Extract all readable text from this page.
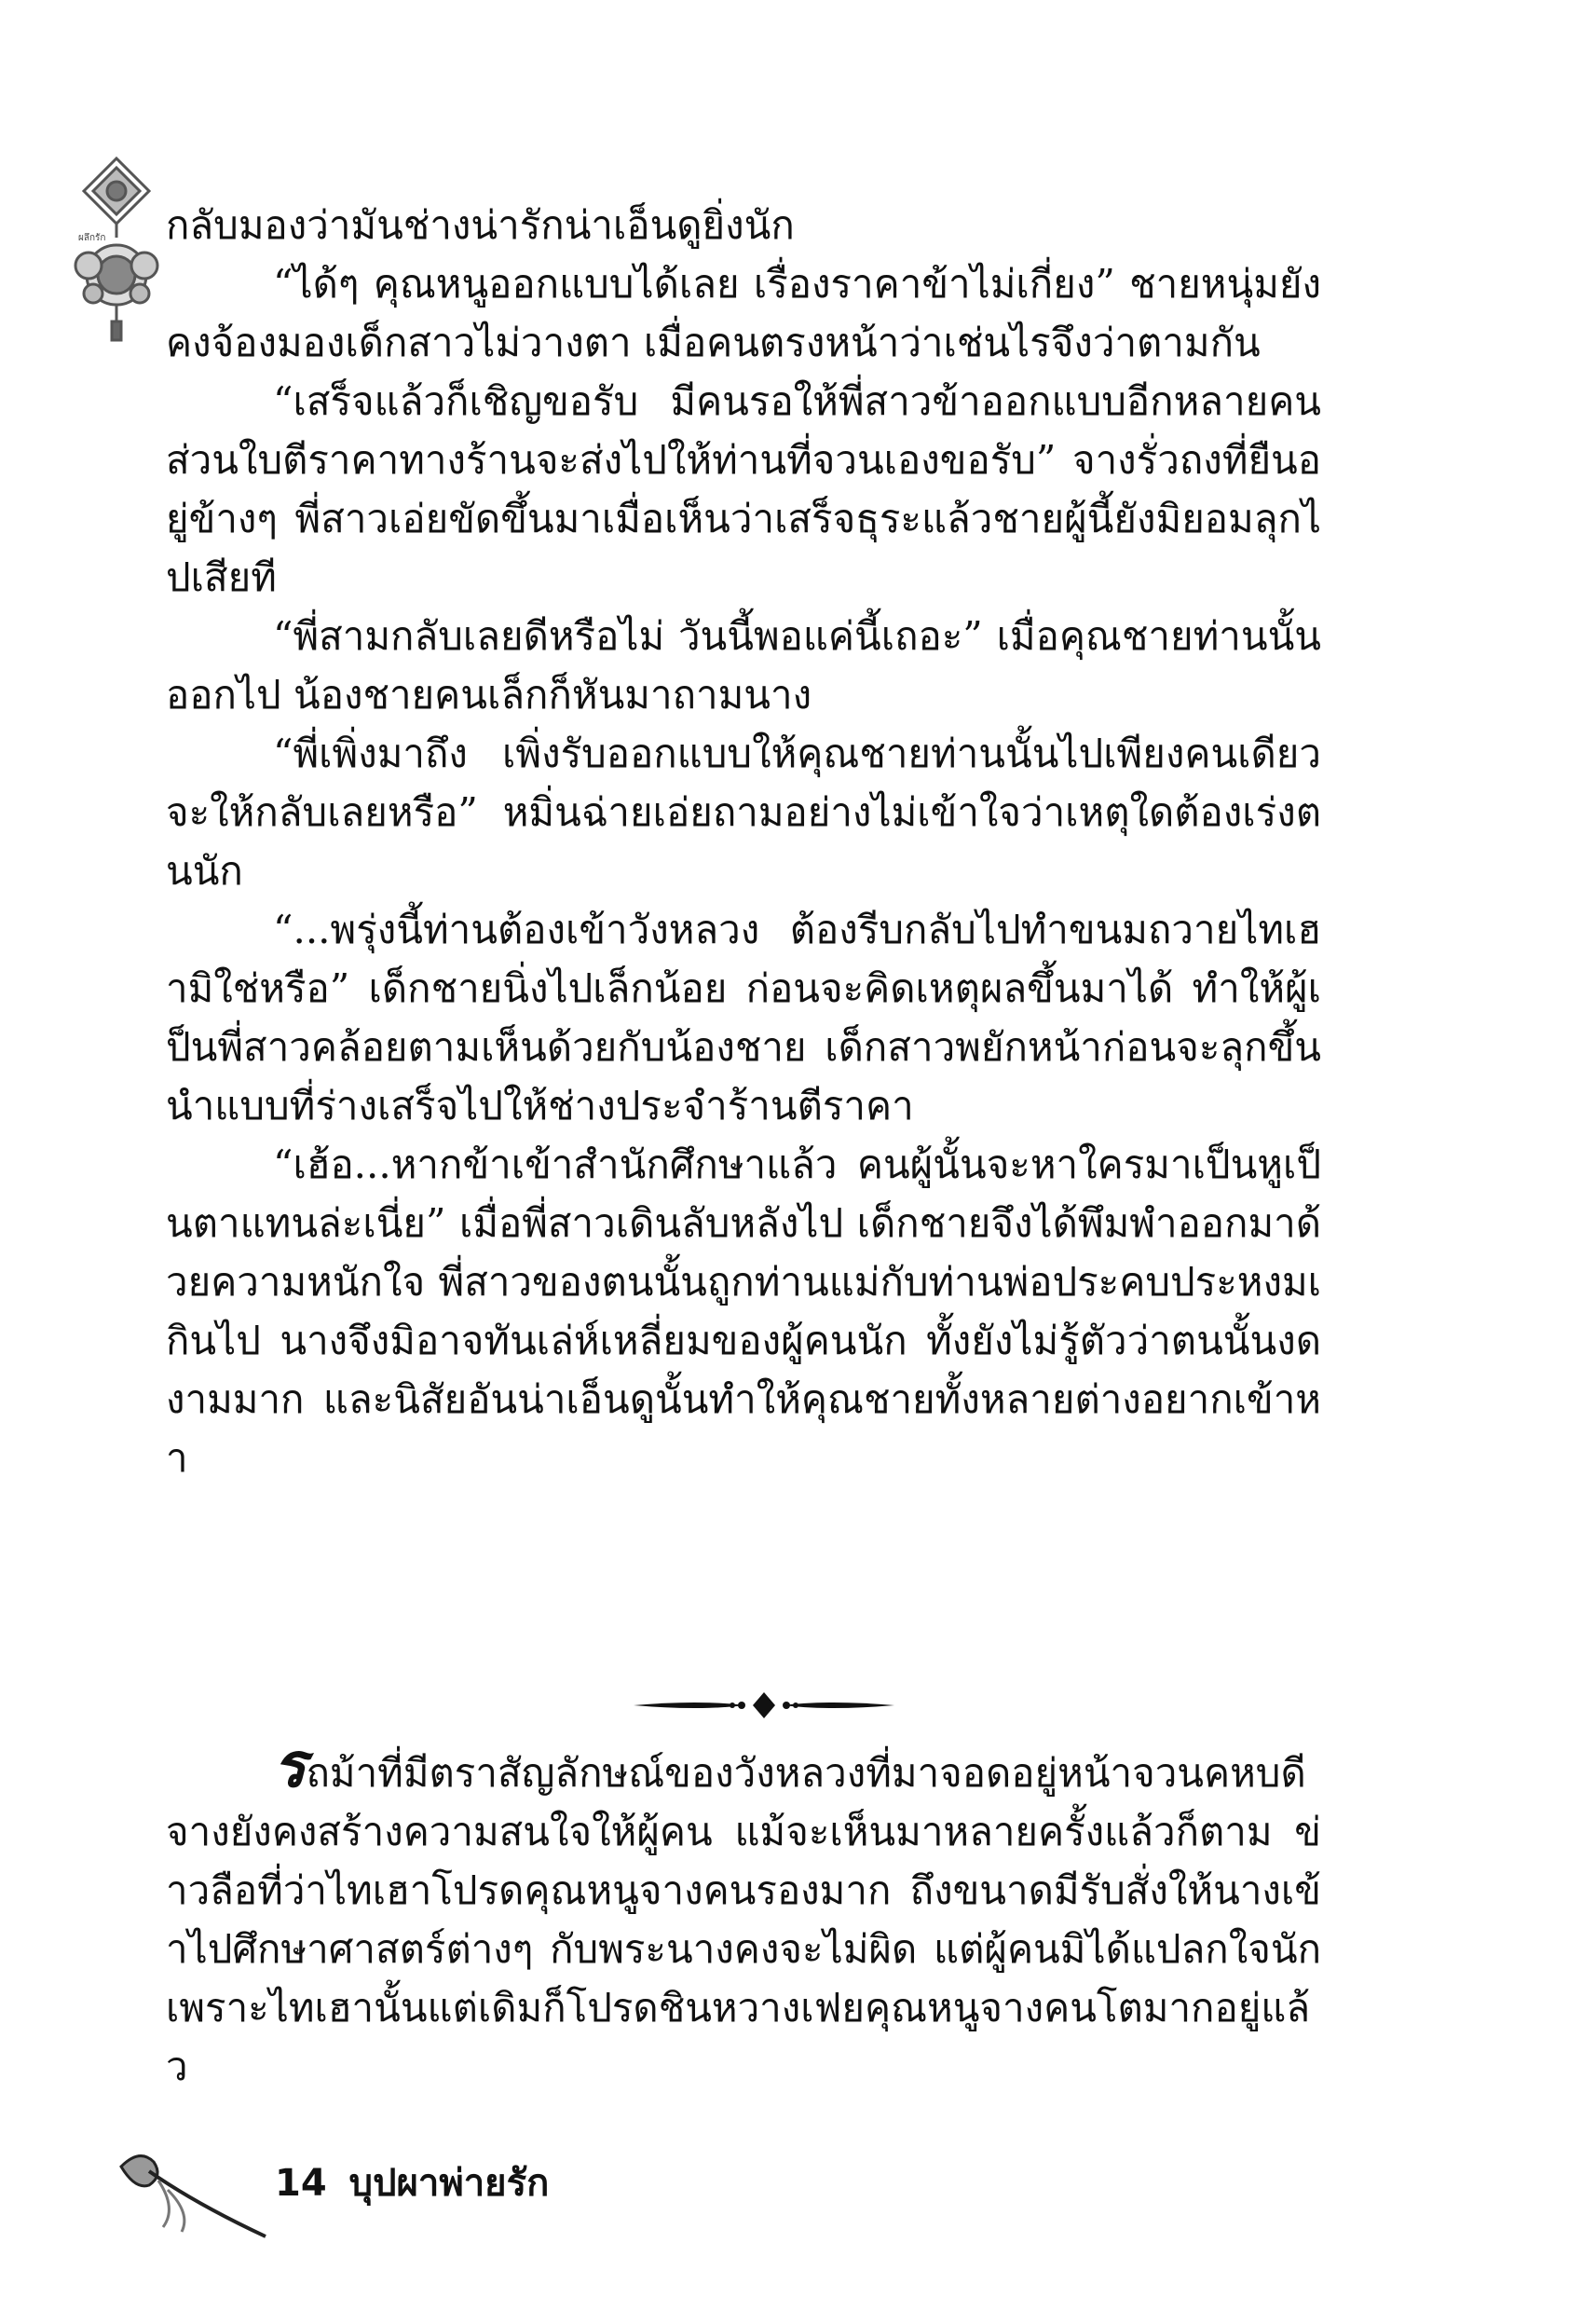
ผลึกรัก กลับมองว่ามันช่างน่ารักน่าเอ็นดูยิ่งนัก

“ได้ๆ คุณหนูออกแบบได้เลย เรื่องราคาข้าไม่เกี่ยง” ชายหนุ่มยังคงจ้องมองเด็กสาวไม่วางตา เมื่อคนตรงหน้าว่าเช่นไรจึงว่าตามกัน

“เสร็จแล้วก็เชิญขอรับ มีคนรอให้พี่สาวข้าออกแบบอีกหลายคน ส่วนใบตีราคาทางร้านจะส่งไปให้ท่านที่จวนเองขอรับ” จางรั่วถงที่ยืนอยู่ข้างๆ พี่สาวเอ่ยขัดขึ้นมาเมื่อเห็นว่าเสร็จธุระแล้วชายผู้นี้ยังมิยอมลุกไปเสียที

“พี่สามกลับเลยดีหรือไม่ วันนี้พอแค่นี้เถอะ” เมื่อคุณชายท่านนั้นออกไป น้องชายคนเล็กก็หันมาถามนาง

“พี่เพิ่งมาถึง เพิ่งรับออกแบบให้คุณชายท่านนั้นไปเพียงคนเดียว จะให้กลับเลยหรือ” หมิ่นฉ่ายเอ่ยถามอย่างไม่เข้าใจว่าเหตุใดต้องเร่งตนนัก

“...พรุ่งนี้ท่านต้องเข้าวังหลวง ต้องรีบกลับไปทำขนมถวายไทเฮามิใช่หรือ” เด็กชายนิ่งไปเล็กน้อย ก่อนจะคิดเหตุผลขึ้นมาได้ ทำให้ผู้เป็นพี่สาวคล้อยตามเห็นด้วยกับน้องชาย เด็กสาวพยักหน้าก่อนจะลุกขึ้นนำแบบที่ร่างเสร็จไปให้ช่างประจำร้านตีราคา

“เฮ้อ...หากข้าเข้าสำนักศึกษาแล้ว คนผู้นั้นจะหาใครมาเป็นหูเป็นตาแทนล่ะเนี่ย” เมื่อพี่สาวเดินลับหลังไป เด็กชายจึงได้พึมพำออกมาด้วยความหนักใจ พี่สาวของตนนั้นถูกท่านแม่กับท่านพ่อประคบประหงมเกินไป นางจึงมิอาจทันเล่ห์เหลี่ยมของผู้คนนัก ทั้งยังไม่รู้ตัวว่าตนนั้นงดงามมาก และนิสัยอันน่าเอ็นดูนั้นทำให้คุณชายทั้งหลายต่างอยากเข้าหา

รถม้าที่มีตราสัญลักษณ์ของวังหลวงที่มาจอดอยู่หน้าจวนคหบดีจางยังคงสร้างความสนใจให้ผู้คน แม้จะเห็นมาหลายครั้งแล้วก็ตาม ข่าวลือที่ว่าไทเฮาโปรดคุณหนูจางคนรองมาก ถึงขนาดมีรับสั่งให้นางเข้าไปศึกษาศาสตร์ต่างๆ กับพระนางคงจะไม่ผิด แต่ผู้คนมิได้แปลกใจนักเพราะไทเฮานั้นแต่เดิมก็โปรดชินหวางเฟยคุณหนูจางคนโตมากอยู่แล้ว

14 บุปผาพ่ายรัก
